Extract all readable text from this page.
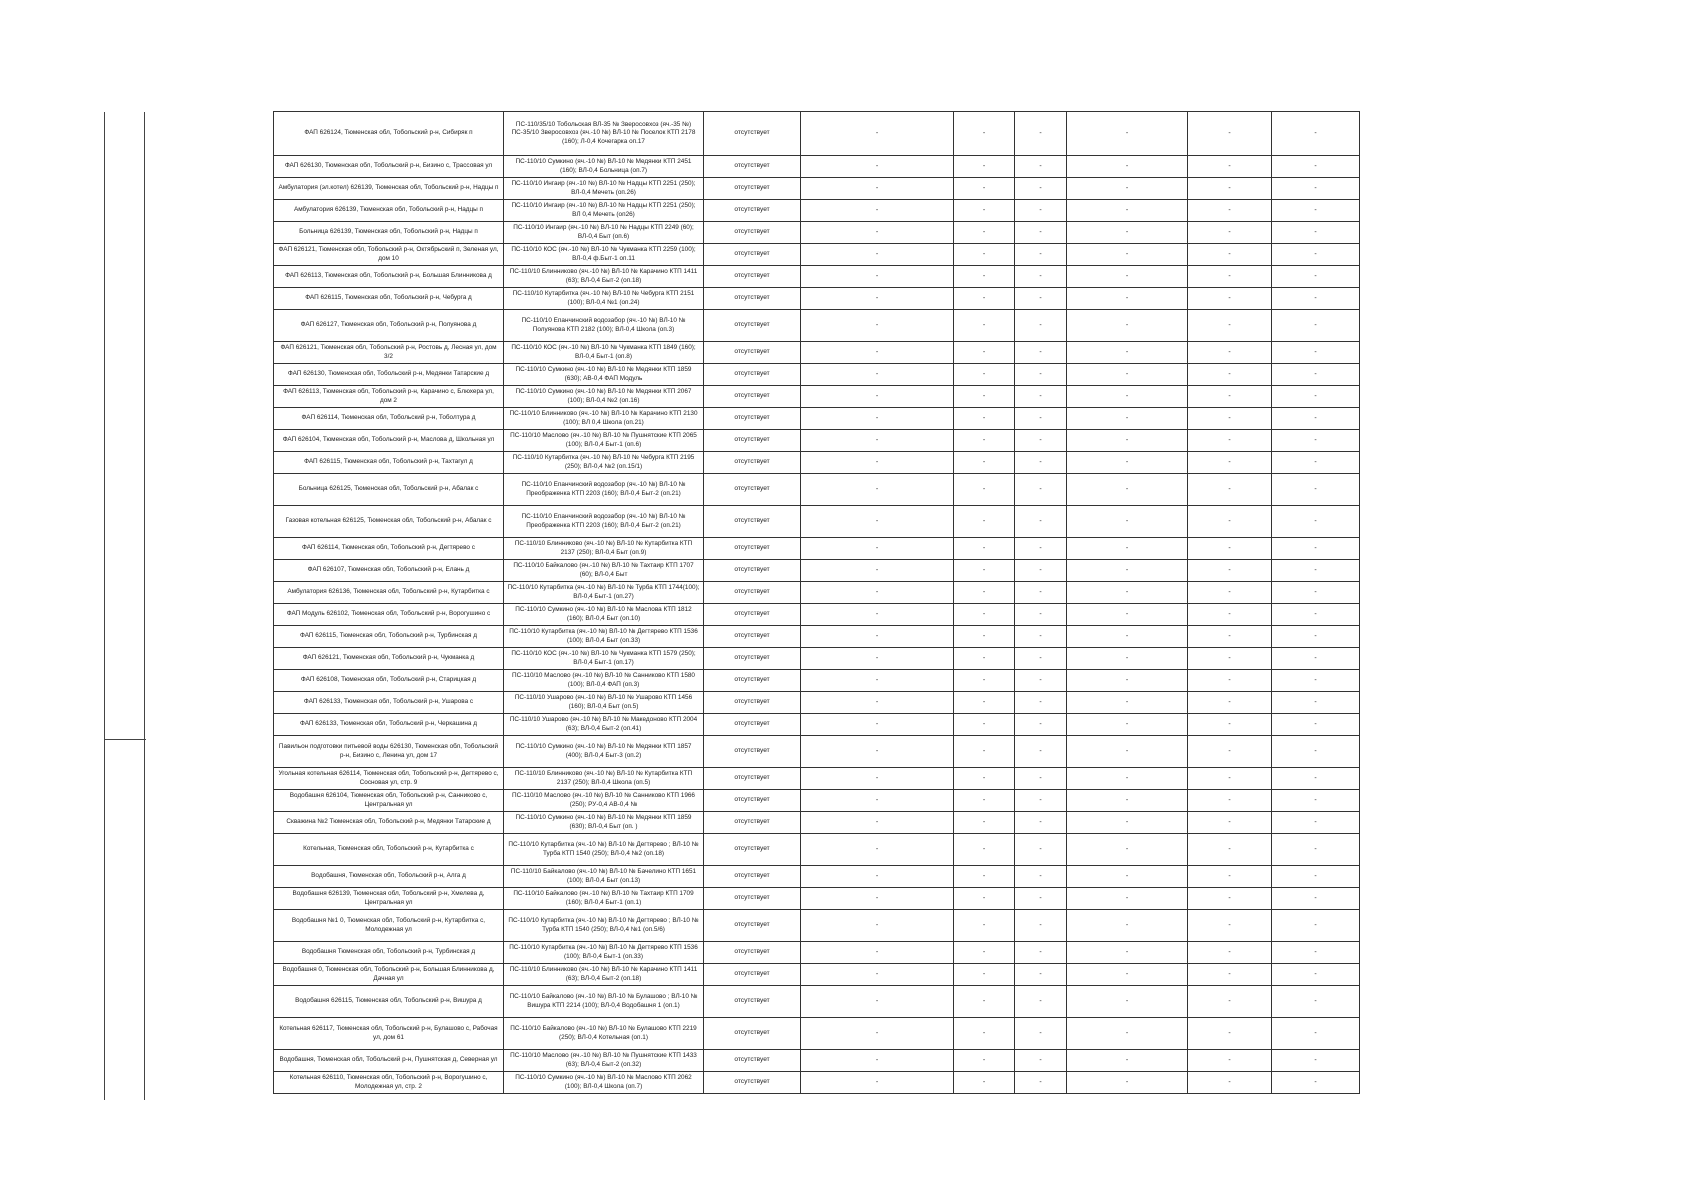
ФАП 626124, Тюменская обл, Тобольский р-н, Сибиряк п	ПС-110/35/10 Тобольская ВЛ-35 № Зверосовхоз (яч.-35 №) ПС-35/10 Зверосовхоз (яч.-10 №) ВЛ-10 № Поселок КТП 2178 (160); Л-0,4 Кочегарка оп.17	отсутствует	-	-	-	-	-	-
ФАП 626130, Тюменская обл, Тобольский р-н, Бизино с, Трассовая ул	ПС-110/10 Сумкино (яч.-10 №) ВЛ-10 № Медянки КТП 2451 (160); ВЛ-0,4 Больница (оп.7)	отсутствует	-	-	-	-	-	-
Амбулатория (эл.котел) 626139, Тюменская обл, Тобольский р-н, Надцы п	ПС-110/10 Ингаир (яч.-10 №) ВЛ-10 № Надцы КТП 2251 (250); ВЛ-0,4 Мечеть (оп.26)	отсутствует	-	-	-	-	-	-
Амбулатория 626139, Тюменская обл, Тобольский р-н, Надцы п	ПС-110/10 Ингаир (яч.-10 №) ВЛ-10 № Надцы КТП 2251 (250); ВЛ 0,4 Мечеть (оп26)	отсутствует	-	-	-	-	-	-
Больница 626139, Тюменская обл, Тобольский р-н, Надцы п	ПС-110/10 Ингаир (яч.-10 №) ВЛ-10 № Надцы КТП 2249 (60); ВЛ-0,4 Быт (оп.6)	отсутствует	-	-	-	-	-	-
ФАП 626121, Тюменская обл, Тобольский р-н, Октябрьский п, Зеленая ул, дом 10	ПС-110/10 КОС (яч.-10 №) ВЛ-10 № Чукманка КТП 2259 (100); ВЛ-0,4 ф.Быт-1 оп.11	отсутствует	-	-	-	-	-	-
ФАП 626113, Тюменская обл, Тобольский р-н, Большая Блинникова д	ПС-110/10 Блинниково (яч.-10 №) ВЛ-10 № Карачино КТП 1411 (63); ВЛ-0,4 Быт-2 (оп.18)	отсутствует	-	-	-	-	-	-
ФАП 626115, Тюменская обл, Тобольский р-н, Чебурга д	ПС-110/10 Кутарбитка (яч.-10 №) ВЛ-10 № Чебурга КТП 2151 (100); ВЛ-0,4 №1 (оп.24)	отсутствует	-	-	-	-	-	-
ФАП 626127, Тюменская обл, Тобольский р-н, Полуянова д	ПС-110/10 Епанчинский водозабор (яч.-10 №) ВЛ-10 № Полуянова КТП 2182 (100); ВЛ-0,4 Школа (оп.3)	отсутствует	-	-	-	-	-	-
ФАП 626121, Тюменская обл, Тобольский р-н, Ростовь д, Лесная ул, дом 3/2	ПС-110/10 КОС (яч.-10 №) ВЛ-10 № Чукманка КТП 1849 (160); ВЛ-0,4 Быт-1 (оп.8)	отсутствует	-	-	-	-	-	-
ФАП 626130, Тюменская обл, Тобольский р-н, Медянки Татарские д	ПС-110/10 Сумкино (яч.-10 №) ВЛ-10 № Медянки КТП 1859 (630); АВ-0,4 ФАП Модуль	отсутствует	-	-	-	-	-	-
ФАП 626113, Тюменская обл, Тобольский р-н, Карачино с, Блюхера ул, дом 2	ПС-110/10 Сумкино (яч.-10 №) ВЛ-10 № Медянки КТП 2067 (100); ВЛ-0,4 №2 (оп.16)	отсутствует	-	-	-	-	-	-
ФАП 626114, Тюменская обл, Тобольский р-н, Тоболтура д	ПС-110/10 Блинниково (яч.-10 №) ВЛ-10 № Карачино КТП 2130 (100); ВЛ 0,4 Школа (оп.21)	отсутствует	-	-	-	-	-	-
ФАП 626104, Тюменская обл, Тобольский р-н, Маслова д, Школьная ул	ПС-110/10 Маслово (яч.-10 №) ВЛ-10 № Пушнятские КТП 2065 (100); ВЛ-0,4 Быт-1 (оп.6)	отсутствует	-	-	-	-	-	-
ФАП 626115, Тюменская обл, Тобольский р-н, Тахтагул д	ПС-110/10 Кутарбитка (яч.-10 №) ВЛ-10 № Чебурга КТП 2195 (250); ВЛ-0,4 №2 (оп.15/1)	отсутствует	-	-	-	-	-	-
Больница 626125, Тюменская обл, Тобольский р-н, Абалак с	ПС-110/10 Епанчинский водозабор (яч.-10 №) ВЛ-10 № Преображенка КТП 2203 (160); ВЛ-0,4 Быт-2 (оп.21)	отсутствует	-	-	-	-	-	-
Газовая котельная 626125, Тюменская обл, Тобольский р-н, Абалак с	ПС-110/10 Епанчинский водозабор (яч.-10 №) ВЛ-10 № Преображенка КТП 2203 (160); ВЛ-0,4 Быт-2 (оп.21)	отсутствует	-	-	-	-	-	-
ФАП 626114, Тюменская обл, Тобольский р-н, Дегтярево с	ПС-110/10 Блинниково (яч.-10 №) ВЛ-10 № Кутарбитка КТП 2137 (250); ВЛ-0,4 Быт (оп.9)	отсутствует	-	-	-	-	-	-
ФАП 626107, Тюменская обл, Тобольский р-н, Елань д	ПС-110/10 Байкалово (яч.-10 №) ВЛ-10 № Тахтаир КТП 1707 (60); ВЛ-0,4 Быт	отсутствует	-	-	-	-	-	-
Амбулатория 626136, Тюменская обл, Тобольский р-н, Кутарбитка с	ПС-110/10 Кутарбитка (яч.-10 №) ВЛ-10 № Турба КТП 1744(100); ВЛ-0,4 Быт-1 (оп.27)	отсутствует	-	-	-	-	-	-
ФАП Модуль 626102, Тюменская обл, Тобольский р-н, Ворогушино с	ПС-110/10 Сумкино (яч.-10 №) ВЛ-10 № Маслова КТП 1812 (160); ВЛ-0,4 Быт (оп.10)	отсутствует	-	-	-	-	-	-
ФАП 626115, Тюменская обл, Тобольский р-н, Турбинская д	ПС-110/10 Кутарбитка (яч.-10 №) ВЛ-10 № Дегтярево КТП 1536 (100); ВЛ-0,4 Быт (оп.33)	отсутствует	-	-	-	-	-	-
ФАП 626121, Тюменская обл, Тобольский р-н, Чукманка д	ПС-110/10 КОС (яч.-10 №) ВЛ-10 № Чукманка КТП 1579 (250); ВЛ-0,4 Быт-1 (оп.17)	отсутствует	-	-	-	-	-	-
ФАП 626108, Тюменская обл, Тобольский р-н, Старицкая д	ПС-110/10 Маслово (яч.-10 №) ВЛ-10 № Санниково КТП 1580 (100); ВЛ-0,4 ФАП (оп.3)	отсутствует	-	-	-	-	-	-
ФАП 626133, Тюменская обл, Тобольский р-н, Ушарова с	ПС-110/10 Ушарово (яч.-10 №) ВЛ-10 № Ушарово КТП 1456 (160); ВЛ-0,4 Быт (оп.5)	отсутствует	-	-	-	-	-	-
ФАП 626133, Тюменская обл, Тобольский р-н, Черкашина д	ПС-110/10 Ушарово (яч.-10 №) ВЛ-10 № Македоново КТП 2004 (63); ВЛ-0,4 Быт-2 (оп.41)	отсутствует	-	-	-	-	-	-
Павильон подготовки питьевой воды 626130, Тюменская обл, Тобольский р-н, Бизино с, Ленина ул, дом 17	ПС-110/10 Сумкино (яч.-10 №) ВЛ-10 № Медянки КТП 1857 (400); ВЛ-0,4 Быт-3 (оп.2)	отсутствует	-	-	-	-	-	-
Угольная котельная 626114, Тюменская обл, Тобольский р-н, Дегтярево с, Сосновая ул, стр. 9	ПС-110/10 Блинниково (яч.-10 №) ВЛ-10 № Кутарбитка КТП 2137 (250); ВЛ-0,4 Школа (оп.5)	отсутствует	-	-	-	-	-	-
Водобашня 626104, Тюменская обл, Тобольский р-н, Санниково с, Центральная ул	ПС-110/10 Маслово (яч.-10 №) ВЛ-10 № Санниково КТП 1966 (250); РУ-0,4 АВ-0,4 №	отсутствует	-	-	-	-	-	-
Скважина №2 Тюменская обл, Тобольский р-н, Медянки Татарские д	ПС-110/10 Сумкино (яч.-10 №) ВЛ-10 № Медянки КТП 1859 (630); ВЛ-0,4 Быт (оп. )	отсутствует	-	-	-	-	-	-
Котельная, Тюменская обл, Тобольский р-н, Кутарбитка с	ПС-110/10 Кутарбитка (яч.-10 №) ВЛ-10 № Дегтярево ; ВЛ-10 № Турба КТП 1540 (250); ВЛ-0,4 №2 (оп.18)	отсутствует	-	-	-	-	-	-
Водобашня, Тюменская обл, Тобольский р-н, Алга д	ПС-110/10 Байкалово (яч.-10 №) ВЛ-10 № Бачелино КТП 1651 (100); ВЛ-0,4 Быт (оп.13)	отсутствует	-	-	-	-	-	-
Водобашня 626139, Тюменская обл, Тобольский р-н, Хмелева д, Центральная ул	ПС-110/10 Байкалово (яч.-10 №) ВЛ-10 № Тахтаир КТП 1709 (160); ВЛ-0,4 Быт-1 (оп.1)	отсутствует	-	-	-	-	-	-
Водобашня №1 0, Тюменская обл, Тобольский р-н, Кутарбитка с, Молодежная ул	ПС-110/10 Кутарбитка (яч.-10 №) ВЛ-10 № Дегтярево ; ВЛ-10 № Турба КТП 1540 (250); ВЛ-0,4 №1 (оп.5/6)	отсутствует	-	-	-	-	-	-
Водобашня Тюменская обл, Тобольский р-н, Турбинская д	ПС-110/10 Кутарбитка (яч.-10 №) ВЛ-10 № Дегтярево КТП 1536 (100); ВЛ-0,4 Быт-1 (оп.33)	отсутствует	-	-	-	-	-	-
Водобашня 0, Тюменская обл, Тобольский р-н, Большая Блинникова д, Дачная ул	ПС-110/10 Блинниково (яч.-10 №) ВЛ-10 № Карачино КТП 1411 (63); ВЛ-0,4 Быт-2 (оп.18)	отсутствует	-	-	-	-	-	-
Водобашня 626115, Тюменская обл, Тобольский р-н, Вишура д	ПС-110/10 Байкалово (яч.-10 №) ВЛ-10 № Булашово ; ВЛ-10 № Вишура КТП 2214 (100); ВЛ-0,4 Водобашня 1 (оп.1)	отсутствует	-	-	-	-	-	-
Котельная 626117, Тюменская обл, Тобольский р-н, Булашово с, Рабочая ул, дом 61	ПС-110/10 Байкалово (яч.-10 №) ВЛ-10 № Булашово КТП 2219 (250); ВЛ-0,4 Котельная (оп.1)	отсутствует	-	-	-	-	-	-
Водобашня, Тюменская обл, Тобольский р-н, Пушнятская д, Северная ул	ПС-110/10 Маслово (яч.-10 №) ВЛ-10 № Пушнятские КТП 1433 (63); ВЛ-0,4 Быт-2 (оп.32)	отсутствует	-	-	-	-	-	-
Котельная 626110, Тюменская обл, Тобольский р-н, Ворогушино с, Молодежная ул, стр. 2	ПС-110/10 Сумкино (яч.-10 №) ВЛ-10 № Маслово КТП 2062 (100); ВЛ-0,4 Школа (оп.7)	отсутствует	-	-	-	-	-	-
